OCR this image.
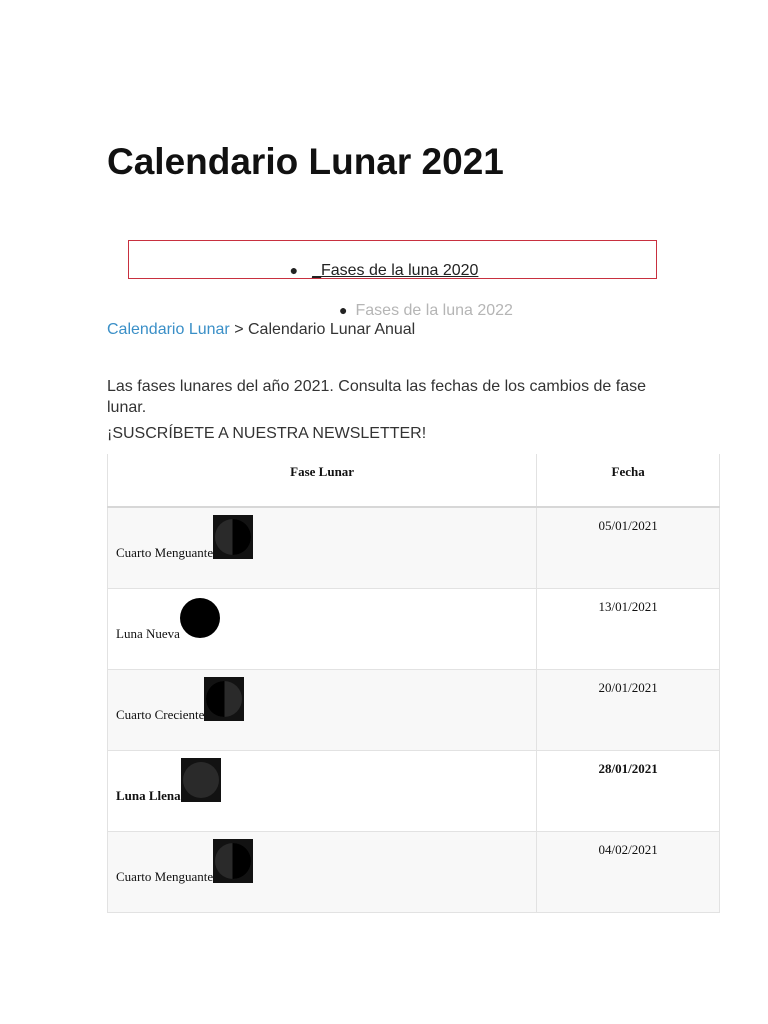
Calendario Lunar 2021
● _Fases de la luna 2020
● Fases de la luna 2022
Calendario Lunar > Calendario Lunar Anual

Las fases lunares del año 2021. Consulta las fechas de los cambios de fase lunar.

¡SUSCRÍBETE A NUESTRA NEWSLETTER!
Fase Lunar	Fecha

Cuarto Menguante	05/01/2021

Luna Nueva	13/01/2021

Cuarto Creciente	20/01/2021

Luna Llena	28/01/2021

Cuarto Menguante	04/02/2021
